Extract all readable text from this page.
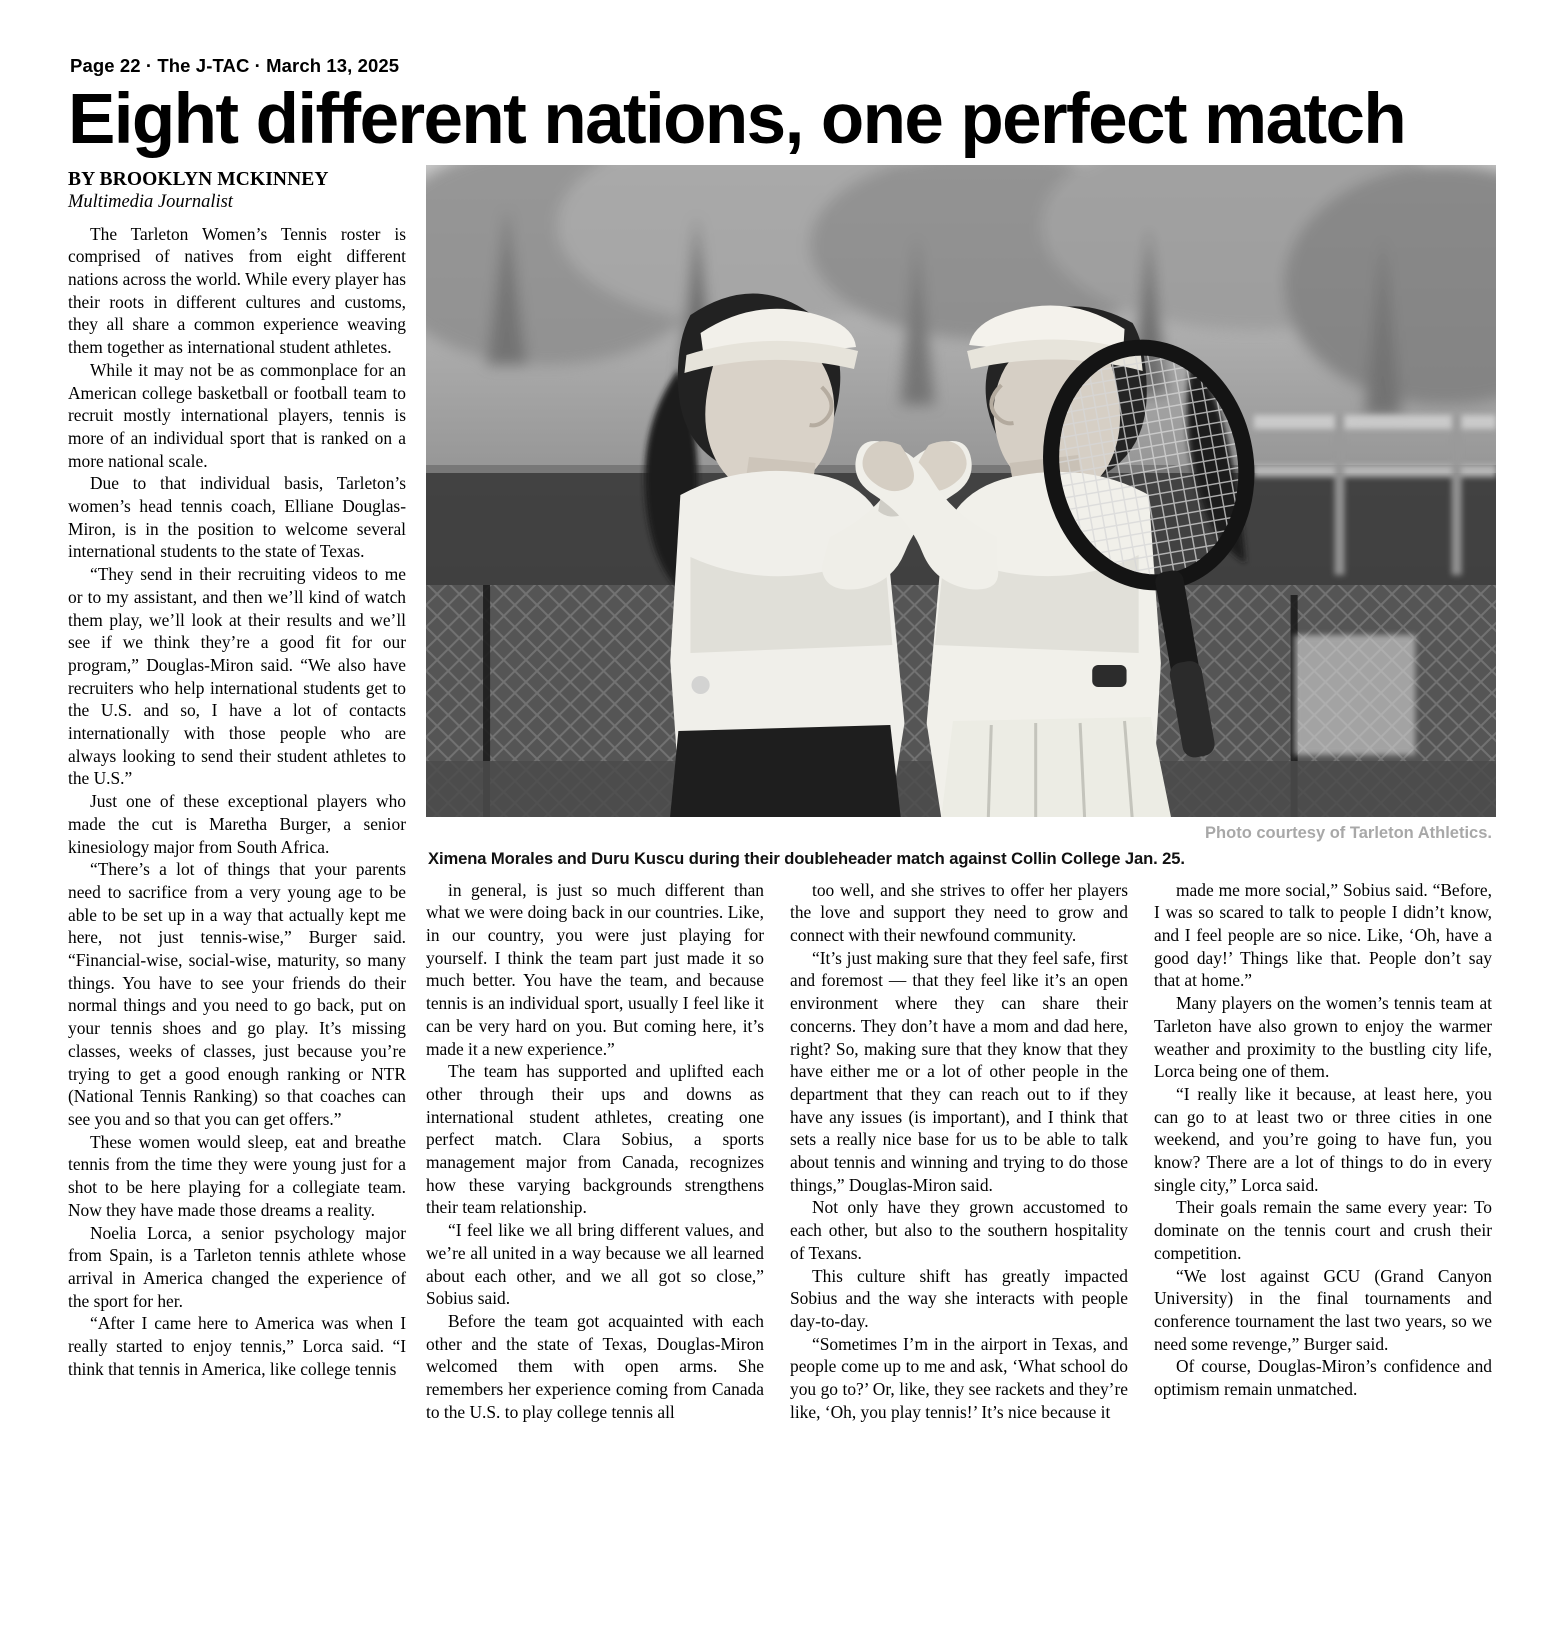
Page 22 · The J-TAC · March 13, 2025
Eight different nations, one perfect match
BY BROOKLYN MCKINNEY
Multimedia Journalist

The Tarleton Women’s Tennis roster is comprised of natives from eight different nations across the world. While every player has their roots in different cultures and customs, they all share a common experience weaving them together as international student athletes.

While it may not be as commonplace for an American college basketball or football team to recruit mostly international players, tennis is more of an individual sport that is ranked on a more national scale.

Due to that individual basis, Tarleton’s women’s head tennis coach, Elliane Douglas-Miron, is in the position to welcome several international students to the state of Texas.

“They send in their recruiting videos to me or to my assistant, and then we’ll kind of watch them play, we’ll look at their results and we’ll see if we think they’re a good fit for our program,” Douglas-Miron said. “We also have recruiters who help international students get to the U.S. and so, I have a lot of contacts internationally with those people who are always looking to send their student athletes to the U.S.”

Just one of these exceptional players who made the cut is Maretha Burger, a senior kinesiology major from South Africa.

“There’s a lot of things that your parents need to sacrifice from a very young age to be able to be set up in a way that actually kept me here, not just tennis-wise,” Burger said. “Financial-wise, social-wise, maturity, so many things. You have to see your friends do their normal things and you need to go back, put on your tennis shoes and go play. It’s missing classes, weeks of classes, just because you’re trying to get a good enough ranking or NTR (National Tennis Ranking) so that coaches can see you and so that you can get offers.”

These women would sleep, eat and breathe tennis from the time they were young just for a shot to be here playing for a collegiate team. Now they have made those dreams a reality.

Noelia Lorca, a senior psychology major from Spain, is a Tarleton tennis athlete whose arrival in America changed the experience of the sport for her.

“After I came here to America was when I really started to enjoy tennis,” Lorca said. “I think that tennis in America, like college tennis

Photo courtesy of Tarleton Athletics.
Ximena Morales and Duru Kuscu during their doubleheader match against Collin College Jan. 25.

in general, is just so much different than what we were doing back in our countries. Like, in our country, you were just playing for yourself. I think the team part just made it so much better. You have the team, and because tennis is an individual sport, usually I feel like it can be very hard on you. But coming here, it’s made it a new experience.”

The team has supported and uplifted each other through their ups and downs as international student athletes, creating one perfect match. Clara Sobius, a sports management major from Canada, recognizes how these varying backgrounds strengthens their team relationship.

“I feel like we all bring different values, and we’re all united in a way because we all learned about each other, and we all got so close,” Sobius said.

Before the team got acquainted with each other and the state of Texas, Douglas-Miron welcomed them with open arms. She remembers her experience coming from Canada to the U.S. to play college tennis all

too well, and she strives to offer her players the love and support they need to grow and connect with their newfound community.

“It’s just making sure that they feel safe, first and foremost — that they feel like it’s an open environment where they can share their concerns. They don’t have a mom and dad here, right? So, making sure that they know that they have either me or a lot of other people in the department that they can reach out to if they have any issues (is important), and I think that sets a really nice base for us to be able to talk about tennis and winning and trying to do those things,” Douglas-Miron said.

Not only have they grown accustomed to each other, but also to the southern hospitality of Texans.

This culture shift has greatly impacted Sobius and the way she interacts with people day-to-day.

“Sometimes I’m in the airport in Texas, and people come up to me and ask, ‘What school do you go to?’ Or, like, they see rackets and they’re like, ‘Oh, you play tennis!’ It’s nice because it

made me more social,” Sobius said. “Before, I was so scared to talk to people I didn’t know, and I feel people are so nice. Like, ‘Oh, have a good day!’ Things like that. People don’t say that at home.”

Many players on the women’s tennis team at Tarleton have also grown to enjoy the warmer weather and proximity to the bustling city life, Lorca being one of them.

“I really like it because, at least here, you can go to at least two or three cities in one weekend, and you’re going to have fun, you know? There are a lot of things to do in every single city,” Lorca said.

Their goals remain the same every year: To dominate on the tennis court and crush their competition.

“We lost against GCU (Grand Canyon University) in the final tournaments and conference tournament the last two years, so we need some revenge,” Burger said.

Of course, Douglas-Miron’s confidence and optimism remain unmatched.
